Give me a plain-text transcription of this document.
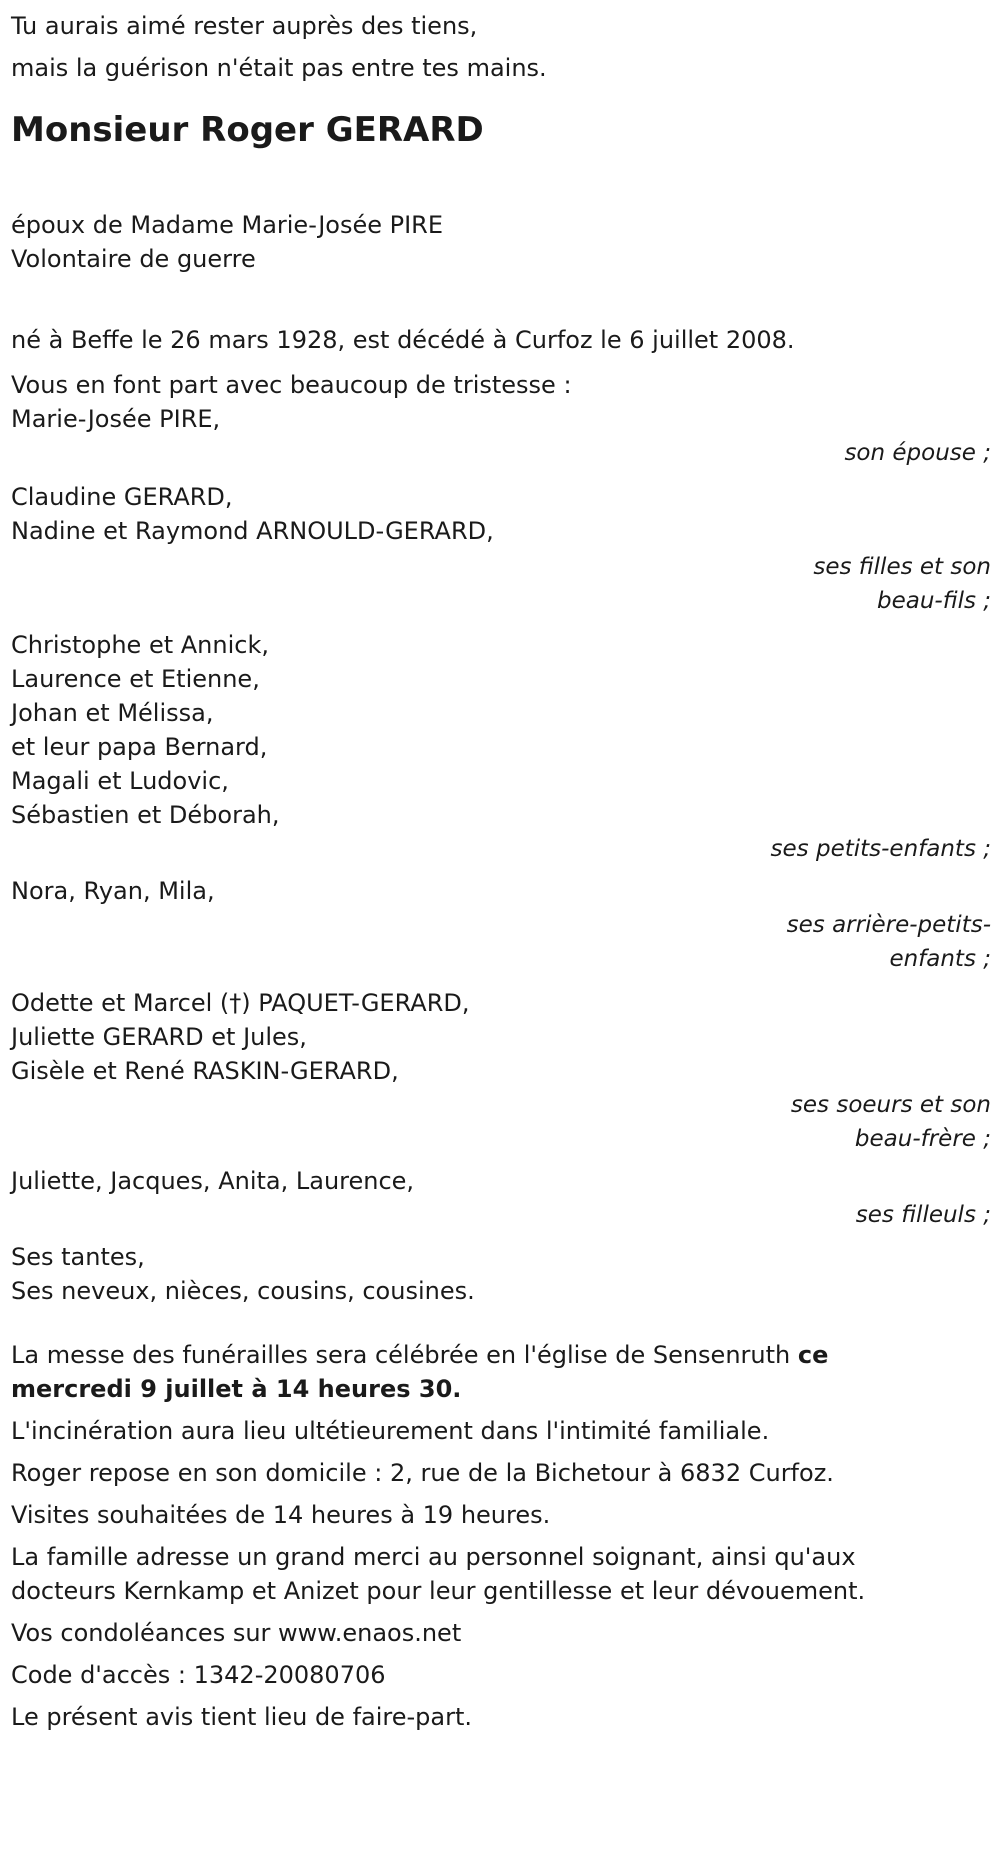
Tu aurais aimé rester auprès des tiens,
mais la guérison n'était pas entre tes mains.

Monsieur Roger GERARD

époux de Madame Marie-Josée PIRE
Volontaire de guerre

né à Beffe le 26 mars 1928, est décédé à Curfoz le 6 juillet 2008.

Vous en font part avec beaucoup de tristesse :

Marie-Josée PIRE,
son épouse ;
Claudine GERARD,
Nadine et Raymond ARNOULD-GERARD,
ses filles et son beau-fils ;
Christophe et Annick,
Laurence et Etienne,
Johan et Mélissa,
et leur papa Bernard,
Magali et Ludovic,
Sébastien et Déborah,
ses petits-enfants ;
Nora, Ryan, Mila,
ses arrière-petits-enfants ;
Odette et Marcel (†) PAQUET-GERARD,
Juliette GERARD et Jules,
Gisèle et René RASKIN-GERARD,
ses soeurs et son beau-frère ;
Juliette, Jacques, Anita, Laurence,
ses filleuls ;
Ses tantes,
Ses neveux, nièces, cousins, cousines.

La messe des funérailles sera célébrée en l'église de Sensenruth ce mercredi 9 juillet à 14 heures 30.

L'incinération aura lieu ultétieurement dans l'intimité familiale.

Roger repose en son domicile : 2, rue de la Bichetour à 6832 Curfoz.

Visites souhaitées de 14 heures à 19 heures.

La famille adresse un grand merci au personnel soignant, ainsi qu'aux docteurs Kernkamp et Anizet pour leur gentillesse et leur dévouement.

Vos condoléances sur www.enaos.net

Code d'accès : 1342-20080706

Le présent avis tient lieu de faire-part.
